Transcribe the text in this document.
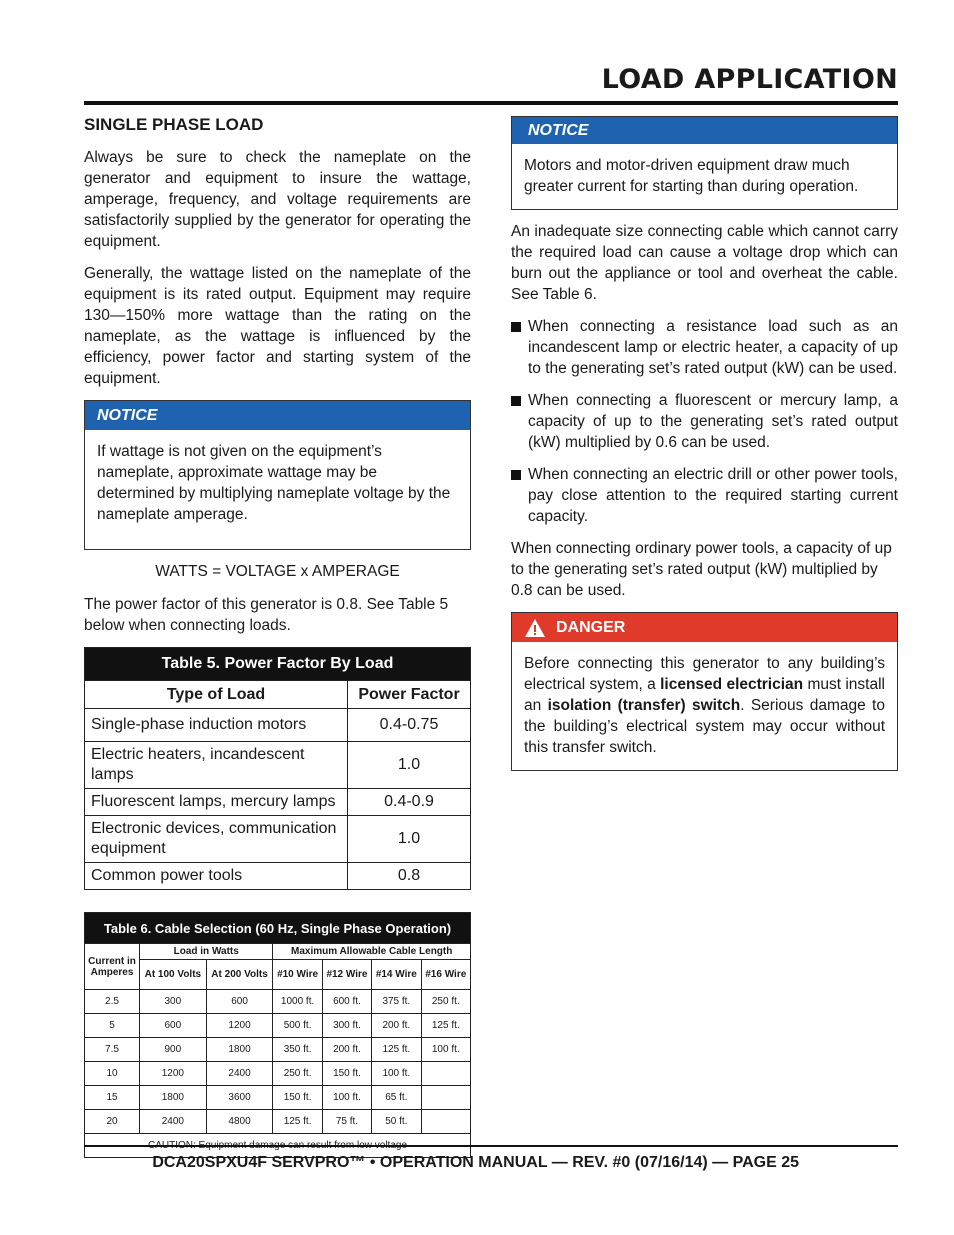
LOAD APPLICATION
SINGLE PHASE LOAD

Always be sure to check the nameplate on the generator and equipment to insure the wattage, amperage, frequency, and voltage requirements are satisfactorily supplied by the generator for operating the equipment.

Generally, the wattage listed on the nameplate of the equipment is its rated output. Equipment may require 130—150% more wattage than the rating on the nameplate, as the wattage is influenced by the efficiency, power factor and starting system of the equipment.

NOTICE
If wattage is not given on the equipment’s nameplate, approximate wattage may be determined by multiplying nameplate voltage by the nameplate amperage.
WATTS = VOLTAGE x AMPERAGE

The power factor of this generator is 0.8. See Table 5 below when connecting loads.

Table 5. Power Factor By Load	
Type of Load	Power Factor
Single-phase induction motors	0.4-0.75
Electric heaters, incandescent lamps	1.0
Fluorescent lamps, mercury lamps	0.4-0.9
Electronic devices, communication equipment	1.0
Common power tools	0.8
Table 6. Cable Selection (60 Hz, Single Phase Operation)						
Current in Amperes	Load in Watts		Maximum Allowable Cable Length			
	At 100 Volts	At 200 Volts	#10 Wire	#12 Wire	#14 Wire	#16 Wire
2.5	300	600	1000 ft.	600 ft.	375 ft.	250 ft.
5	600	1200	500 ft.	300 ft.	200 ft.	125 ft.
7.5	900	1800	350 ft.	200 ft.	125 ft.	100 ft.
10	1200	2400	250 ft.	150 ft.	100 ft.	
15	1800	3600	150 ft.	100 ft.	65 ft.	
20	2400	4800	125 ft.	75 ft.	50 ft.	

NOTICE
Motors and motor-driven equipment draw much greater current for starting than during operation.

An inadequate size connecting cable which cannot carry the required load can cause a voltage drop which can burn out the appliance or tool and overheat the cable. See Table 6.

When connecting a resistance load such as an incandescent lamp or electric heater, a capacity of up to the generating set’s rated output (kW) can be used.
When connecting a fluorescent or mercury lamp, a capacity of up to the generating set’s rated output (kW) multiplied by 0.6 can be used.
When connecting an electric drill or other power tools, pay close attention to the required starting current capacity.

When connecting ordinary power tools, a capacity of up to the generating set’s rated output (kW) multiplied by 0.8 can be used.

DANGER
Before connecting this generator to any building’s electrical system, a licensed electrician must install an isolation (transfer) switch. Serious damage to the building’s electrical system may occur without this transfer switch.
DCA20SPXU4F SERVPRO™ • OPERATION MANUAL — REV. #0 (07/16/14) — PAGE 25
